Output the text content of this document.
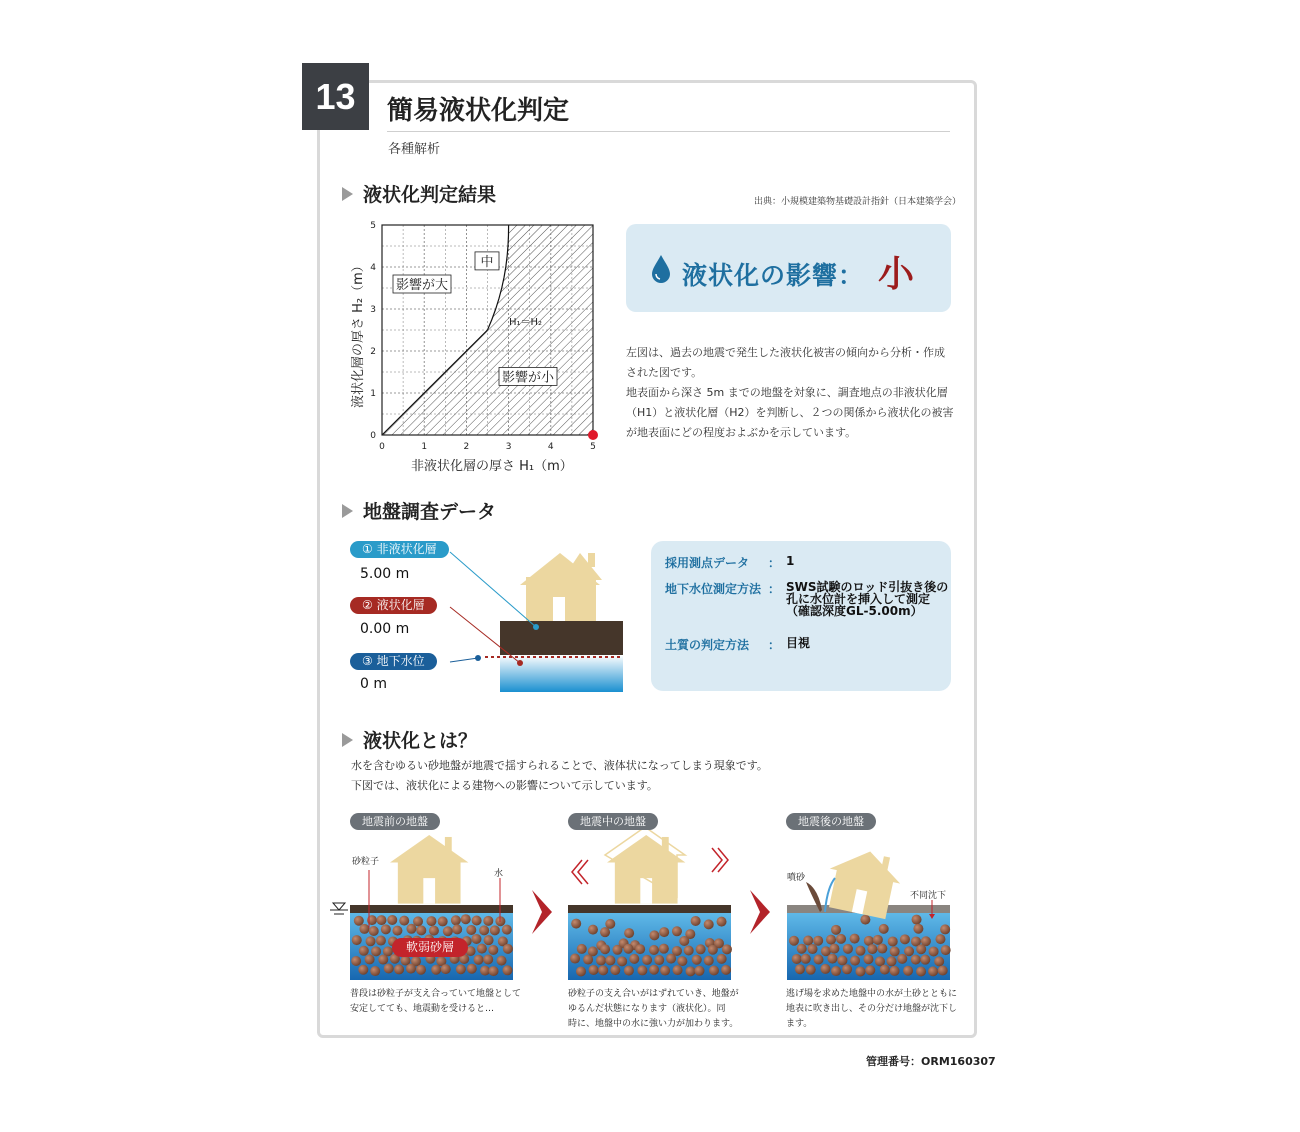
13	簡易液状化判定
各種解析
液状化判定結果	出典：小規模建築物基礎設計指針（日本建築学会）
0	1	2	3	4	5
0
1
2
3
4
5
影響が大
中
影響が小
H₁＝H₂
液状化層の厚さ H₂（m）
非液状化層の厚さ H₁（m）
液状化の影響： 小

左図は、過去の地震で発生した液状化被害の傾向から分析・作成

された図です。

地表面から深さ 5m までの地盤を対象に、調査地点の非液状化層

（H1）と液状化層（H2）を判断し、２つの関係から液状化の被害

が地表面にどの程度およぶかを示しています。

地盤調査データ
① 非液状化層
5.00 m
② 液状化層
0.00 m
③ 地下水位
0 m
採用測点データ ： 1
地下水位測定方法 ： SWS試験のロッド引抜き後の
孔に水位計を挿入して測定
（確認深度GL-5.00m）
土質の判定方法 ： 目視
液状化とは？

水を含むゆるい砂地盤が地震で揺すられることで、液体状になってしまう現象です。

下図では、液状化による建物への影響について示しています。

地震前の地盤	地震中の地盤	地震後の地盤
砂粒子
水
軟弱砂層
噴砂
不同沈下
普段は砂粒子が支え合っていて地盤として
安定してても、地震動を受けると…
砂粒子の支え合いがはずれていき、地盤が
ゆるんだ状態になります（液状化）。同
時に、地盤中の水に強い力が加わります。
逃げ場を求めた地盤中の水が土砂とともに
地表に吹き出し、その分だけ地盤が沈下し
ます。
管理番号：ORM160307
